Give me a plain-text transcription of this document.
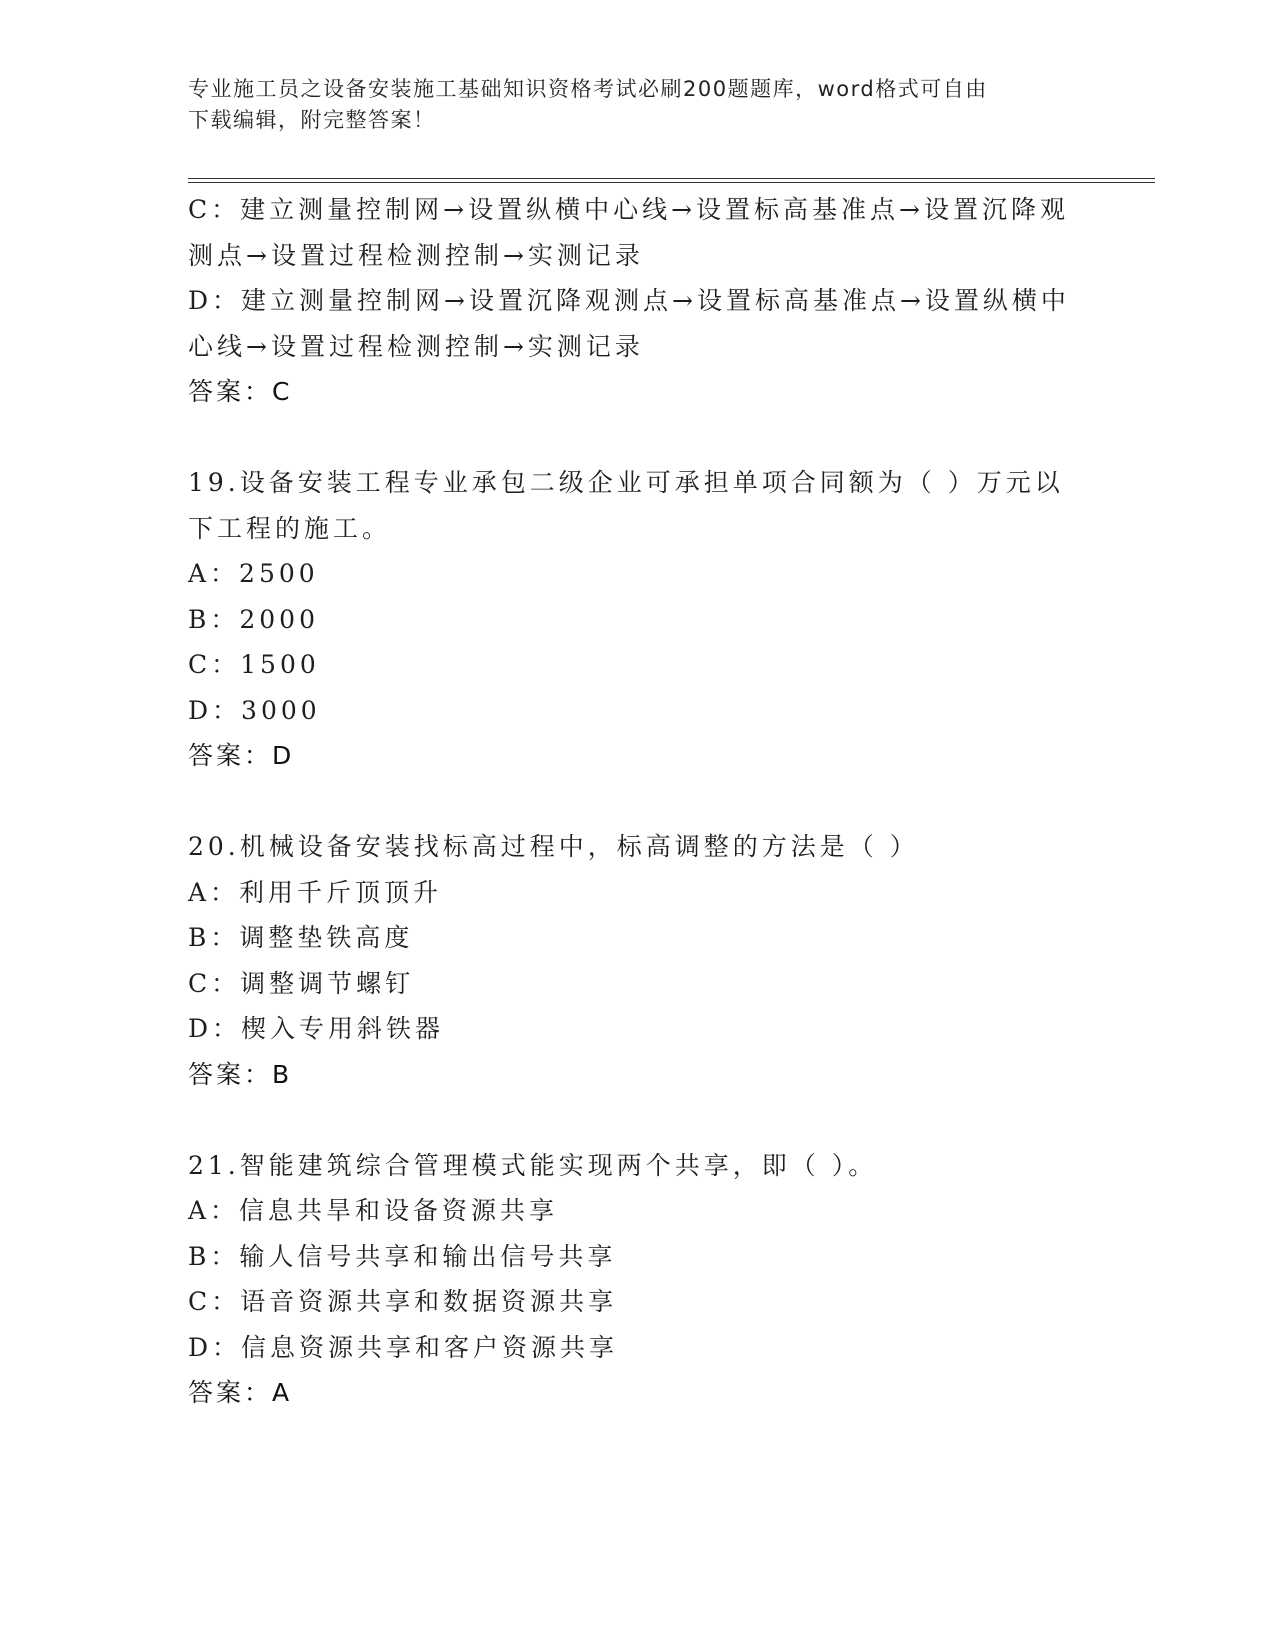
专业施工员之设备安装施工基础知识资格考试必刷200题题库，word格式可自由
下载编辑，附完整答案！
C：建立测量控制网→设置纵横中心线→设置标高基准点→设置沉降观
测点→设置过程检测控制→实测记录
D：建立测量控制网→设置沉降观测点→设置标高基准点→设置纵横中
心线→设置过程检测控制→实测记录
答案：C
19.设备安装工程专业承包二级企业可承担单项合同额为（ ）万元以
下工程的施工。
A：2500
B：2000
C：1500
D：3000
答案：D
20.机械设备安装找标高过程中，标高调整的方法是（ ）
A：利用千斤顶顶升
B：调整垫铁高度
C：调整调节螺钉
D：楔入专用斜铁器
答案：B
21.智能建筑综合管理模式能实现两个共享，即（ ）。
A：信息共旱和设备资源共享
B：输人信号共享和输出信号共享
C：语音资源共享和数据资源共享
D：信息资源共享和客户资源共享
答案：A
